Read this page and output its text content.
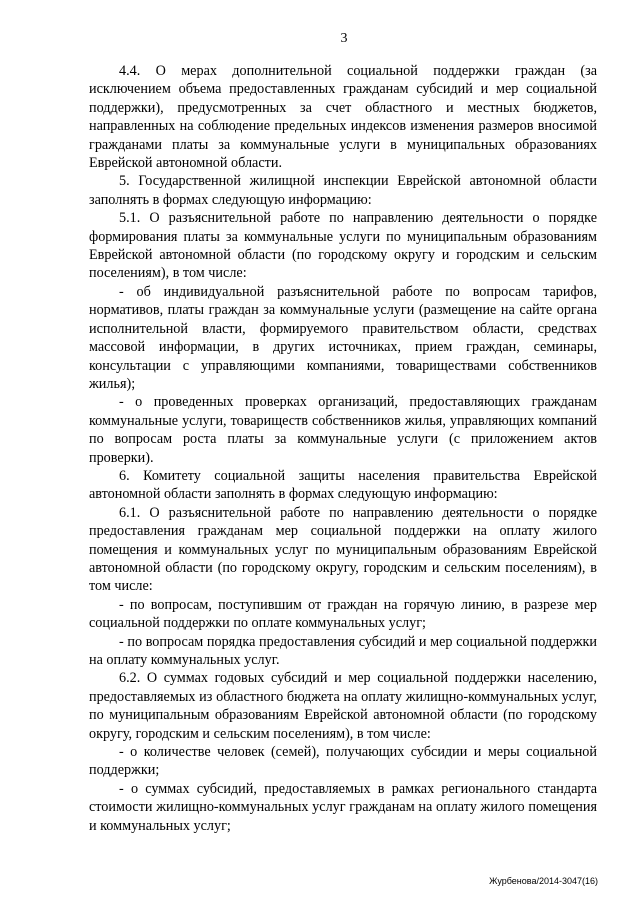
3

4.4. О мерах дополнительной социальной поддержки граждан (за исключением объема предоставленных гражданам субсидий и мер социальной поддержки), предусмотренных за счет областного и местных бюджетов, направленных на соблюдение предельных индексов изменения размеров вносимой гражданами платы за коммунальные услуги в муниципальных образованиях Еврейской автономной области.

5. Государственной жилищной инспекции Еврейской автономной области заполнять в формах следующую информацию:

5.1. О разъяснительной работе по направлению деятельности о порядке формирования платы за коммунальные услуги по муниципальным образованиям Еврейской автономной области (по городскому округу и городским и сельским поселениям), в том числе:

- об индивидуальной разъяснительной работе по вопросам тарифов, нормативов, платы граждан за коммунальные услуги (размещение на сайте органа исполнительной власти, формируемого правительством области, средствах массовой информации, в других источниках, прием граждан, семинары, консультации с управляющими компаниями, товариществами собственников жилья);

- о проведенных проверках организаций, предоставляющих гражданам коммунальные услуги, товариществ собственников жилья, управляющих компаний по вопросам роста платы за коммунальные услуги (с приложением актов проверки).

6. Комитету социальной защиты населения правительства Еврейской автономной области заполнять в формах следующую информацию:

6.1. О разъяснительной работе по направлению деятельности о порядке предоставления гражданам мер социальной поддержки на оплату жилого помещения и коммунальных услуг по муниципальным образованиям Еврейской автономной области (по городскому округу, городским и сельским поселениям), в том числе:

- по вопросам, поступившим от граждан на горячую линию, в разрезе мер социальной поддержки по оплате коммунальных услуг;

- по вопросам порядка предоставления субсидий и мер социальной поддержки на оплату коммунальных услуг.

6.2. О суммах годовых субсидий и мер социальной поддержки населению, предоставляемых из областного бюджета на оплату жилищно-коммунальных услуг, по муниципальным образованиям Еврейской автономной области (по городскому округу, городским и сельским поселениям), в том числе:

- о количестве человек (семей), получающих субсидии и меры социальной поддержки;

- о суммах субсидий, предоставляемых в рамках регионального стандарта стоимости жилищно-коммунальных услуг гражданам на оплату жилого помещения и коммунальных услуг;

Журбенова/2014-3047(16)
